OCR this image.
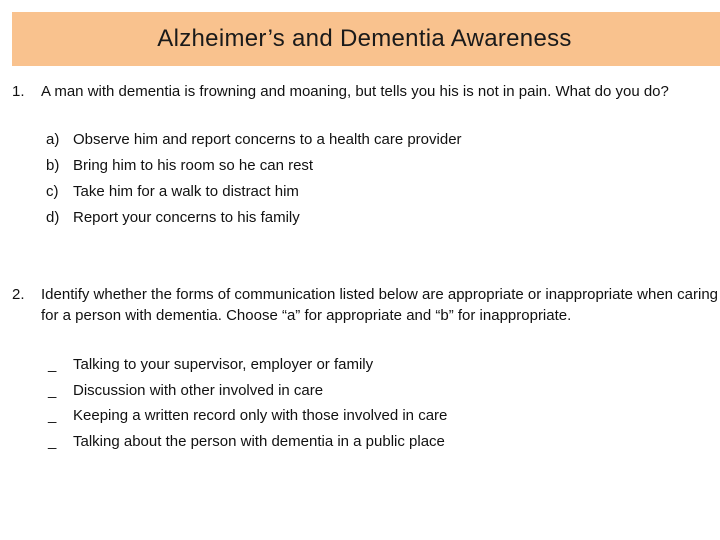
Alzheimer’s and Dementia Awareness
1. A man with dementia is frowning and moaning, but tells you his is not in pain. What do you do?
a) Observe him and report concerns to a health care provider
b) Bring him to his room so he can rest
c) Take him for a walk to distract him
d) Report your concerns to his family
2. Identify whether the forms of communication listed below are appropriate or inappropriate when caring for a person with dementia. Choose “a” for appropriate and “b” for inappropriate.
_	Talking to your supervisor, employer or family
_	Discussion with other involved in care
_	Keeping a written record only with those involved in care
_	Talking about the person with dementia in a public place
